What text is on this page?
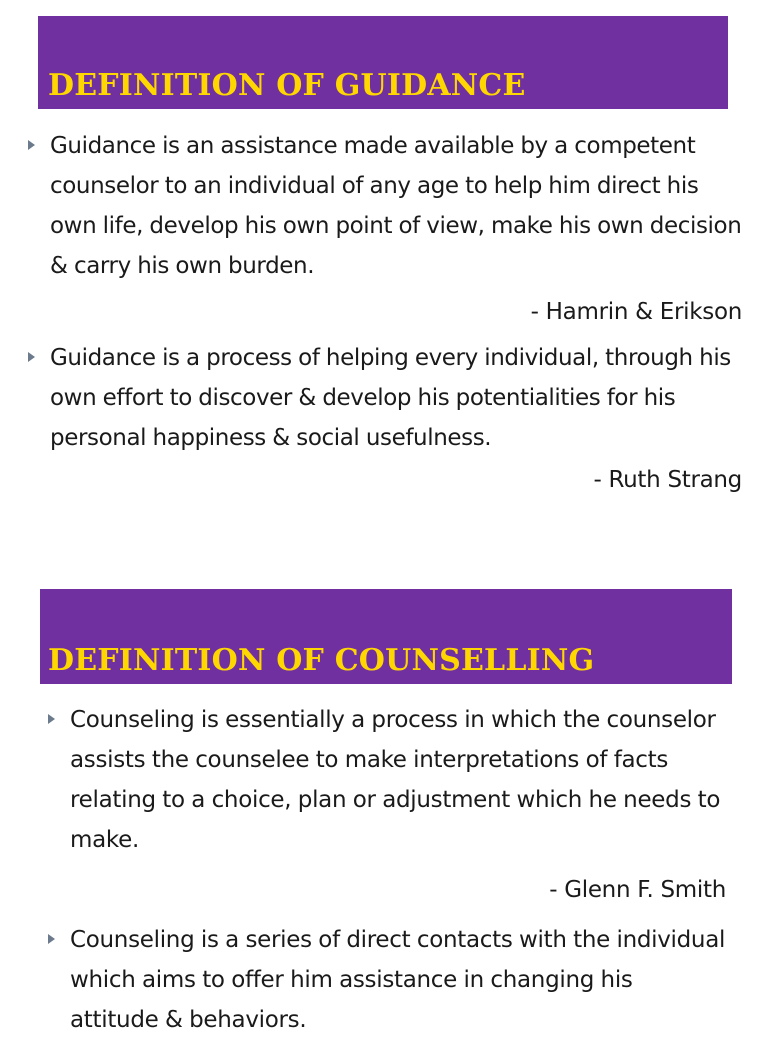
DEFINITION OF GUIDANCE

Guidance is an assistance made available by a competent counselor to an individual of any age to help him direct his own life, develop his own point of view, make his own decision & carry his own burden.

- Hamrin & Erikson

Guidance is a process of helping every individual, through his own effort to discover & develop his potentialities for his personal happiness & social usefulness.

- Ruth Strang
DEFINITION OF COUNSELLING

Counseling is essentially a process in which the counselor assists the counselee to make interpretations of facts relating to a choice, plan or adjustment which he needs to make.

- Glenn F. Smith

Counseling is a series of direct contacts with the individual which aims to offer him assistance in changing his attitude & behaviors.
